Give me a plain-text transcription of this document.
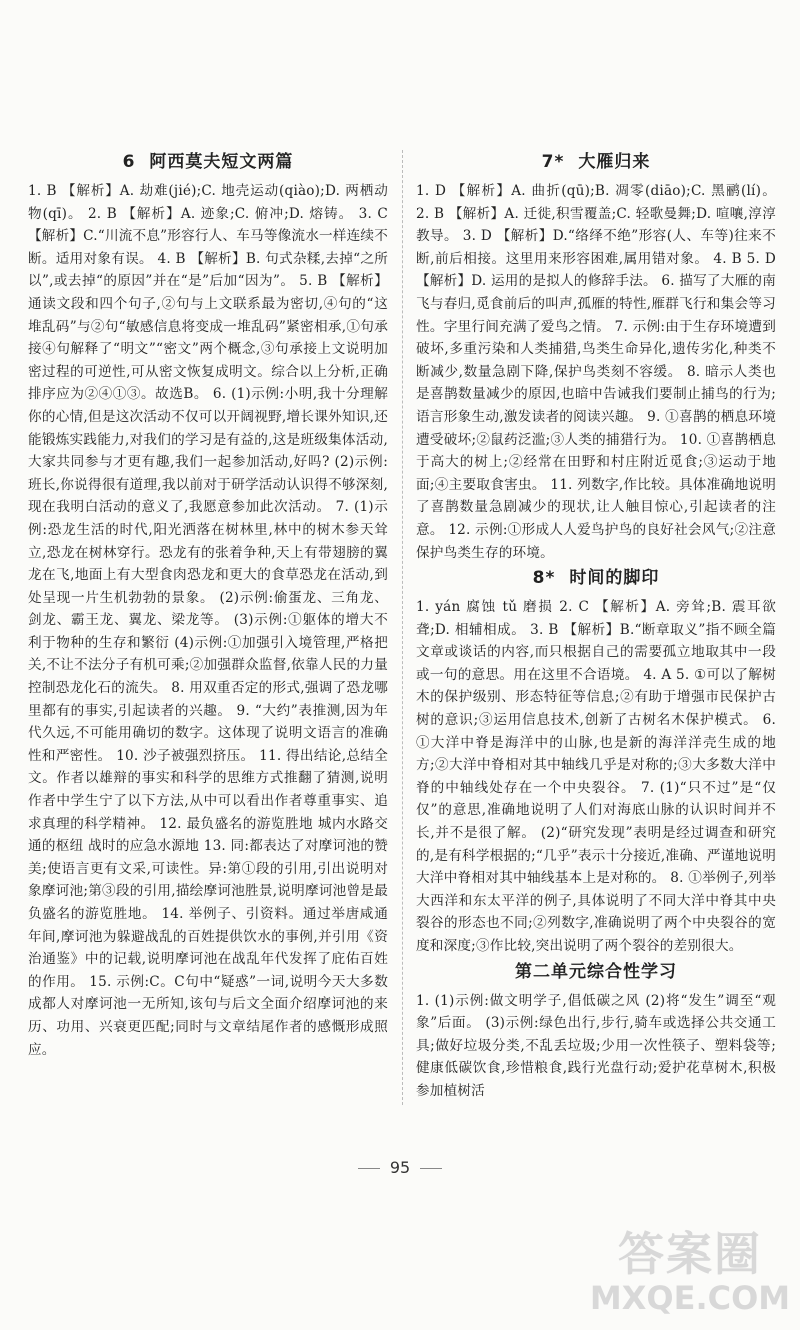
6 阿西莫夫短文两篇

1. B 【解析】A. 劫难(jié);C. 地壳运动(qiào);D. 两栖动物(qī)。 2. B 【解析】A. 迹象;C. 俯冲;D. 熔铸。 3. C 【解析】C.“川流不息”形容行人、车马等像流水一样连续不断。适用对象有误。 4. B 【解析】B. 句式杂糅,去掉“之所以”,或去掉“的原因”并在“是”后加“因为”。 5. B 【解析】通读文段和四个句子,②句与上文联系最为密切,④句的“这堆乱码”与②句“敏感信息将变成一堆乱码”紧密相承,①句承接④句解释了“明文”“密文”两个概念,③句承接上文说明加密过程的可逆性,可从密文恢复成明文。综合以上分析,正确排序应为②④①③。故选B。 6. (1)示例:小明,我十分理解你的心情,但是这次活动不仅可以开阔视野,增长课外知识,还能锻炼实践能力,对我们的学习是有益的,这是班级集体活动,大家共同参与才更有趣,我们一起参加活动,好吗? (2)示例:班长,你说得很有道理,我以前对于研学活动认识得不够深刻,现在我明白活动的意义了,我愿意参加此次活动。 7. (1)示例:恐龙生活的时代,阳光洒落在树林里,林中的树木参天耸立,恐龙在树林穿行。恐龙有的张着争种,天上有带翅膀的翼龙在飞,地面上有大型食肉恐龙和更大的食草恐龙在活动,到处呈现一片生机勃勃的景象。 (2)示例:偷蛋龙、三角龙、剑龙、霸王龙、翼龙、梁龙等。 (3)示例:①躯体的增大不利于物种的生存和繁衍 (4)示例:①加强引入境管理,严格把关,不让不法分子有机可乘;②加强群众监督,依靠人民的力量控制恐龙化石的流失。 8. 用双重否定的形式,强调了恐龙哪里都有的事实,引起读者的兴趣。 9. “大约”表推测,因为年代久远,不可能用确切的数字。这体现了说明文语言的准确性和严密性。 10. 沙子被强烈挤压。 11. 得出结论,总结全文。作者以雄辩的事实和科学的思维方式推翻了猜测,说明作者中学生宁了以下方法,从中可以看出作者尊重事实、追求真理的科学精神。 12. 最负盛名的游览胜地 城内水路交通的枢纽 战时的应急水源地 13. 同:都表达了对摩诃池的赞美;使语言更有文采,可读性。异:第①段的引用,引出说明对象摩诃池;第③段的引用,描绘摩诃池胜景,说明摩诃池曾是最负盛名的游览胜地。 14. 举例子、引资料。通过举唐咸通年间,摩诃池为躲避战乱的百姓提供饮水的事例,并引用《资治通鉴》中的记载,说明摩诃池在战乱年代发挥了庇佑百姓的作用。 15. 示例:C。C句中“疑惑”一词,说明今天大多数成都人对摩诃池一无所知,该句与后文全面介绍摩诃池的来历、功用、兴衰更匹配;同时与文章结尾作者的感慨形成照应。

7* 大雁归来

1. D 【解析】A. 曲折(qū);B. 凋零(diāo);C. 黑鹂(lí)。 2. B 【解析】A. 迁徙,积雪覆盖;C. 轻歌曼舞;D. 喧嚷,淳淳教导。 3. D 【解析】D.“络绎不绝”形容(人、车等)往来不断,前后相接。这里用来形容困难,属用错对象。 4. B 5. D 【解析】D. 运用的是拟人的修辞手法。 6. 描写了大雁的南飞与春归,觅食前后的叫声,孤雁的特性,雁群飞行和集会等习性。字里行间充满了爱鸟之情。 7. 示例:由于生存环境遭到破坏,多重污染和人类捕猎,鸟类生命异化,遗传劣化,种类不断减少,数量急剧下降,保护鸟类刻不容缓。 8. 暗示人类也是喜鹊数量减少的原因,也暗中告诫我们要制止捕鸟的行为;语言形象生动,激发读者的阅读兴趣。 9. ①喜鹊的栖息环境遭受破坏;②鼠药泛滥;③人类的捕猎行为。 10. ①喜鹊栖息于高大的树上;②经常在田野和村庄附近觅食;③运动于地面;④主要取食害虫。 11. 列数字,作比较。具体准确地说明了喜鹊数量急剧减少的现状,让人触目惊心,引起读者的注意。 12. 示例:①形成人人爱鸟护鸟的良好社会风气;②注意保护鸟类生存的环境。

8* 时间的脚印

1. yán 腐蚀 tǔ 磨损 2. C 【解析】A. 旁耸;B. 震耳欲聋;D. 相辅相成。 3. B 【解析】B.“断章取义”指不顾全篇文章或谈话的内容,而只根据自己的需要孤立地取其中一段或一句的意思。用在这里不合语境。 4. A 5. ①可以了解树木的保护级别、形态特征等信息;②有助于增强市民保护古树的意识;③运用信息技术,创新了古树名木保护模式。 6. ①大洋中脊是海洋中的山脉,也是新的海洋洋壳生成的地方;②大洋中脊相对其中轴线几乎是对称的;③大多数大洋中脊的中轴线处存在一个中央裂谷。 7. (1)“只不过”是“仅仅”的意思,准确地说明了人们对海底山脉的认识时间并不长,并不是很了解。 (2)“研究发现”表明是经过调查和研究的,是有科学根据的;“几乎”表示十分接近,准确、严谨地说明大洋中脊相对其中轴线基本上是对称的。 8. ①举例子,列举大西洋和东太平洋的例子,具体说明了不同大洋中脊其中央裂谷的形态也不同;②列数字,准确说明了两个中央裂谷的宽度和深度;③作比较,突出说明了两个裂谷的差别很大。

第二单元综合性学习

1. (1)示例:做文明学子,倡低碳之风 (2)将“发生”调至“观象”后面。 (3)示例:绿色出行,步行,骑车或选择公共交通工具;做好垃圾分类,不乱丢垃圾;少用一次性筷子、塑料袋等;健康低碳饮食,珍惜粮食,践行光盘行动;爱护花草树木,积极参加植树活

95
答案圈
MXQE.COM
